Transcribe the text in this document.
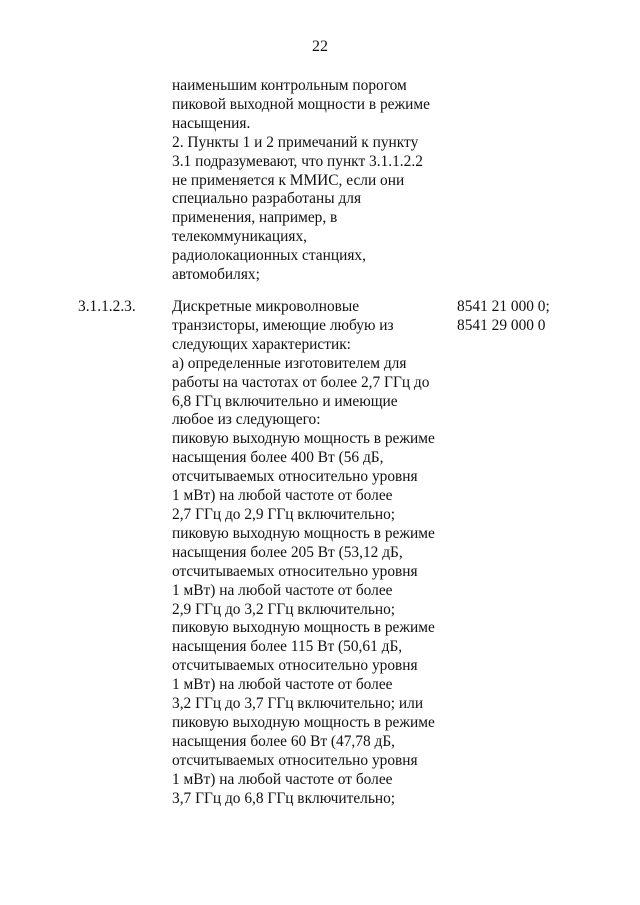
22
наименьшим контрольным порогом
пиковой выходной мощности в режиме
насыщения.
2. Пункты 1 и 2 примечаний к пункту
3.1 подразумевают, что пункт 3.1.1.2.2
не применяется к ММИС, если они
специально разработаны для
применения, например, в
телекоммуникациях,
радиолокационных станциях,
автомобилях;
3.1.1.2.3.	Дискретные микроволновые
транзисторы, имеющие любую из
следующих характеристик:
а) определенные изготовителем для
работы на частотах от более 2,7 ГГц до
6,8 ГГц включительно и имеющие
любое из следующего:
пиковую выходную мощность в режиме
насыщения более 400 Вт (56 дБ,
отсчитываемых относительно уровня
1 мВт) на любой частоте от более
2,7 ГГц до 2,9 ГГц включительно;
пиковую выходную мощность в режиме
насыщения более 205 Вт (53,12 дБ,
отсчитываемых относительно уровня
1 мВт) на любой частоте от более
2,9 ГГц до 3,2 ГГц включительно;
пиковую выходную мощность в режиме
насыщения более 115 Вт (50,61 дБ,
отсчитываемых относительно уровня
1 мВт) на любой частоте от более
3,2 ГГц до 3,7 ГГц включительно; или
пиковую выходную мощность в режиме
насыщения более 60 Вт (47,78 дБ,
отсчитываемых относительно уровня
1 мВт) на любой частоте от более
3,7 ГГц до 6,8 ГГц включительно;
8541 21 000 0;
8541 29 000 0
